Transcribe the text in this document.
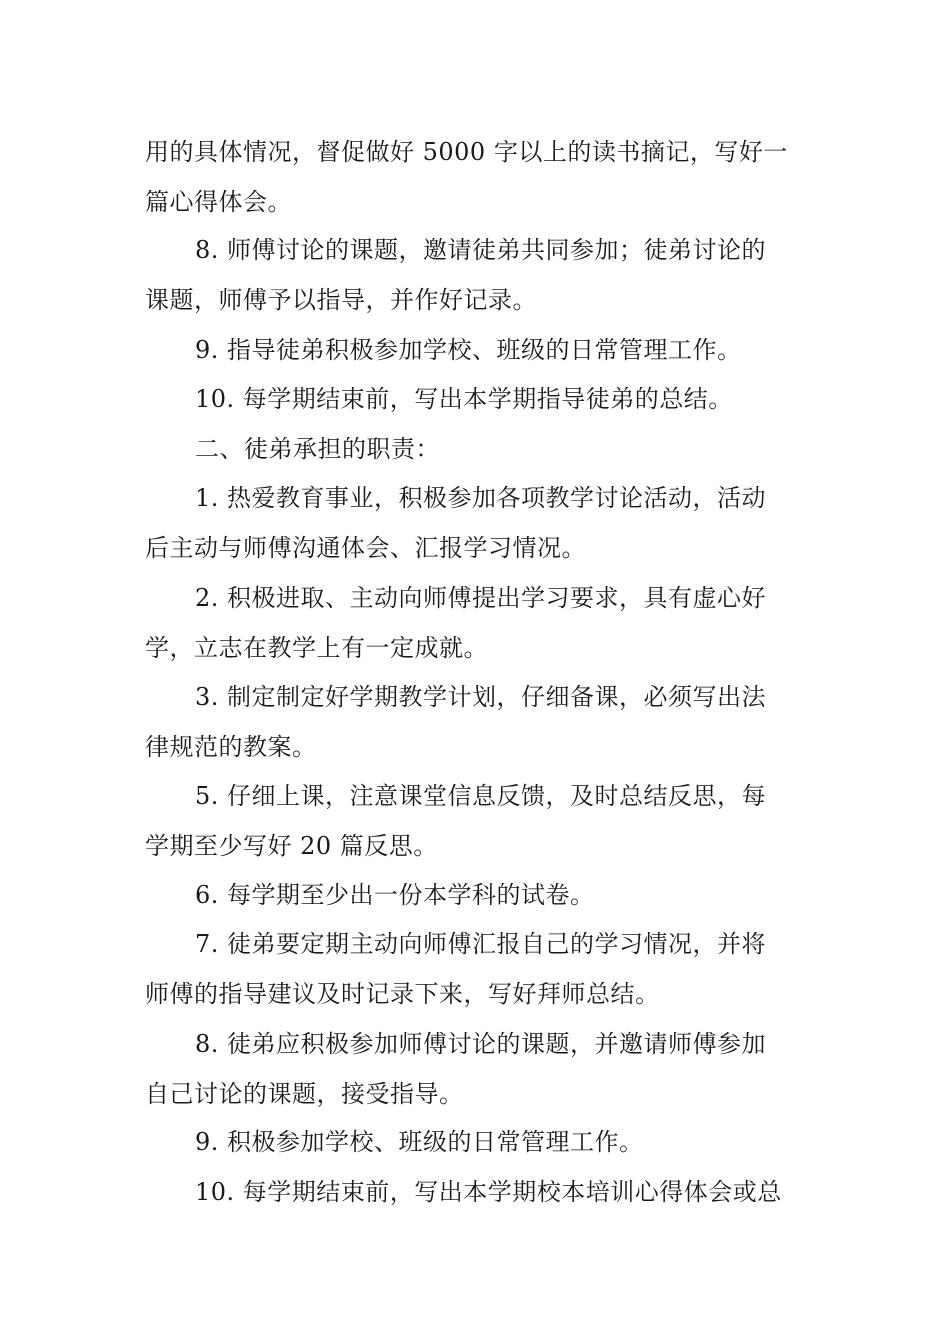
用的具体情况，督促做好 5000 字以上的读书摘记，写好一
篇心得体会。

8. 师傅讨论的课题，邀请徒弟共同参加；徒弟讨论的
课题，师傅予以指导，并作好记录。

9. 指导徒弟积极参加学校、班级的日常管理工作。

10. 每学期结束前，写出本学期指导徒弟的总结。

二、徒弟承担的职责：

1. 热爱教育事业，积极参加各项教学讨论活动，活动
后主动与师傅沟通体会、汇报学习情况。

2. 积极进取、主动向师傅提出学习要求，具有虚心好
学，立志在教学上有一定成就。

3. 制定制定好学期教学计划，仔细备课，必须写出法
律规范的教案。

5. 仔细上课，注意课堂信息反馈，及时总结反思，每
学期至少写好 20 篇反思。

6. 每学期至少出一份本学科的试卷。

7. 徒弟要定期主动向师傅汇报自己的学习情况，并将
师傅的指导建议及时记录下来，写好拜师总结。

8. 徒弟应积极参加师傅讨论的课题，并邀请师傅参加
自己讨论的课题，接受指导。

9. 积极参加学校、班级的日常管理工作。

10. 每学期结束前，写出本学期校本培训心得体会或总
